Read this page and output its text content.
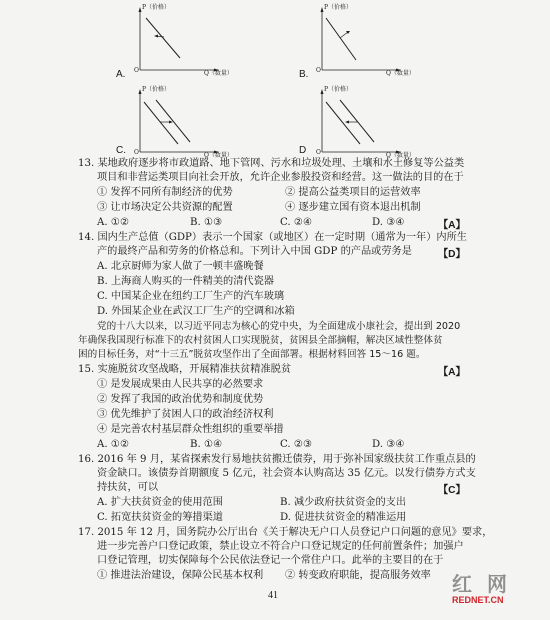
P（价格）
Q（数量）
O
A.
P（价格）
Q（数量）
O
B.
P（价格）
Q（数量）
O
C.
P（价格）
Q（数量）
O
D
13. 某地政府逐步将市政道路、地下管网、污水和垃圾处理、土壤和水土修复等公益类
项目和非营运类项目向社会开放，允许企业参股投资和经营。这一做法的目的在于
① 发挥不同所有制经济的优势	② 提高公益类项目的运营效率
③ 让市场决定公共资源的配置	④ 逐步建立国有资本退出机制
A. ①②	B. ①③	C. ②④	D. ③④	【A】
14. 国内生产总值（GDP）表示一个国家（或地区）在一定时期（通常为一年）内所生
产的最终产品和劳务的价格总和。下列计入中国 GDP 的产品或劳务是	【D】
A. 北京厨师为家人做了一顿丰盛晚餐
B. 上海商人购买的一件精美的清代瓷器
C. 中国某企业在纽约工厂生产的汽车玻璃
D. 外国某企业在武汉工厂生产的空调和冰箱
党的十八大以来，以习近平同志为核心的党中央，为全面建成小康社会，提出到 2020
年确保我国现行标准下的农村贫困人口实现脱贫，贫困县全部摘帽，解决区域性整体贫
困的目标任务，对“十三五”脱贫攻坚作出了全面部署。根据材料回答 15～16 题。
15. 实施脱贫攻坚战略，开展精准扶贫精准脱贫	【A】
① 是发展成果由人民共享的必然要求
② 发挥了我国的政治优势和制度优势
③ 优先维护了贫困人口的政治经济权利
④ 是完善农村基层群众性组织的重要举措
A. ①②	B. ①④	C. ②③	D. ③④
16. 2016 年 9 月，某省探索发行易地扶贫搬迁债券，用于弥补国家级扶贫工作重点县的
资金缺口。该债券首期额度 5 亿元，社会资本认购高达 35 亿元。以发行债券方式支
持扶贫，可以	【C】
A. 扩大扶贫资金的使用范围	B. 减少政府扶贫资金的支出
C. 拓宽扶贫资金的筹措渠道	D. 促进扶贫资金的精准运用
17. 2015 年 12 月，国务院办公厅出台《关于解决无户口人员登记户口问题的意见》要求，
进一步完善户口登记政策，禁止设立不符合户口登记规定的任何前置条件；加强户
口登记管理，切实保障每个公民依法登记一个常住户口。此举的主要目的在于
① 推进法治建设，保障公民基本权利 ② 转变政府职能，提高服务效率
41	红 网
REDNET.CN
